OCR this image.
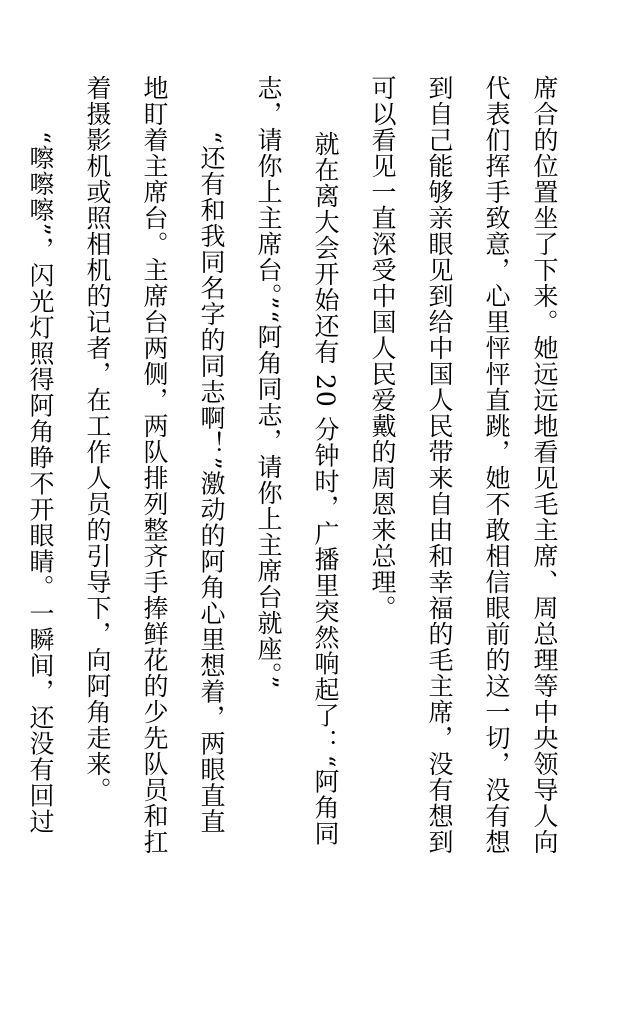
席合的位置坐了下来。她远远地看见毛主席、周总理等中央领导人向
代表们挥手致意，心里怦怦直跳，她不敢相信眼前的这一切，没有想
到自己能够亲眼见到给中国人民带来自由和幸福的毛主席，没有想到
可以看见一直深受中国人民爱戴的周恩来总理。
就在离大会开始还有 20 分钟时，广播里突然响起了：“阿角同
志，请你上主席台。”“阿角同志，请你上主席台就座。”
“还有和我同名字的同志啊！”激动的阿角心里想着，两眼直直
地盯着主席台。主席台两侧，两队排列整齐手捧鲜花的少先队员和扛
着摄影机或照相机的记者，在工作人员的引导下，向阿角走来。
“嚓嚓嚓”，闪光灯照得阿角睁不开眼睛。一瞬间，还没有回过
